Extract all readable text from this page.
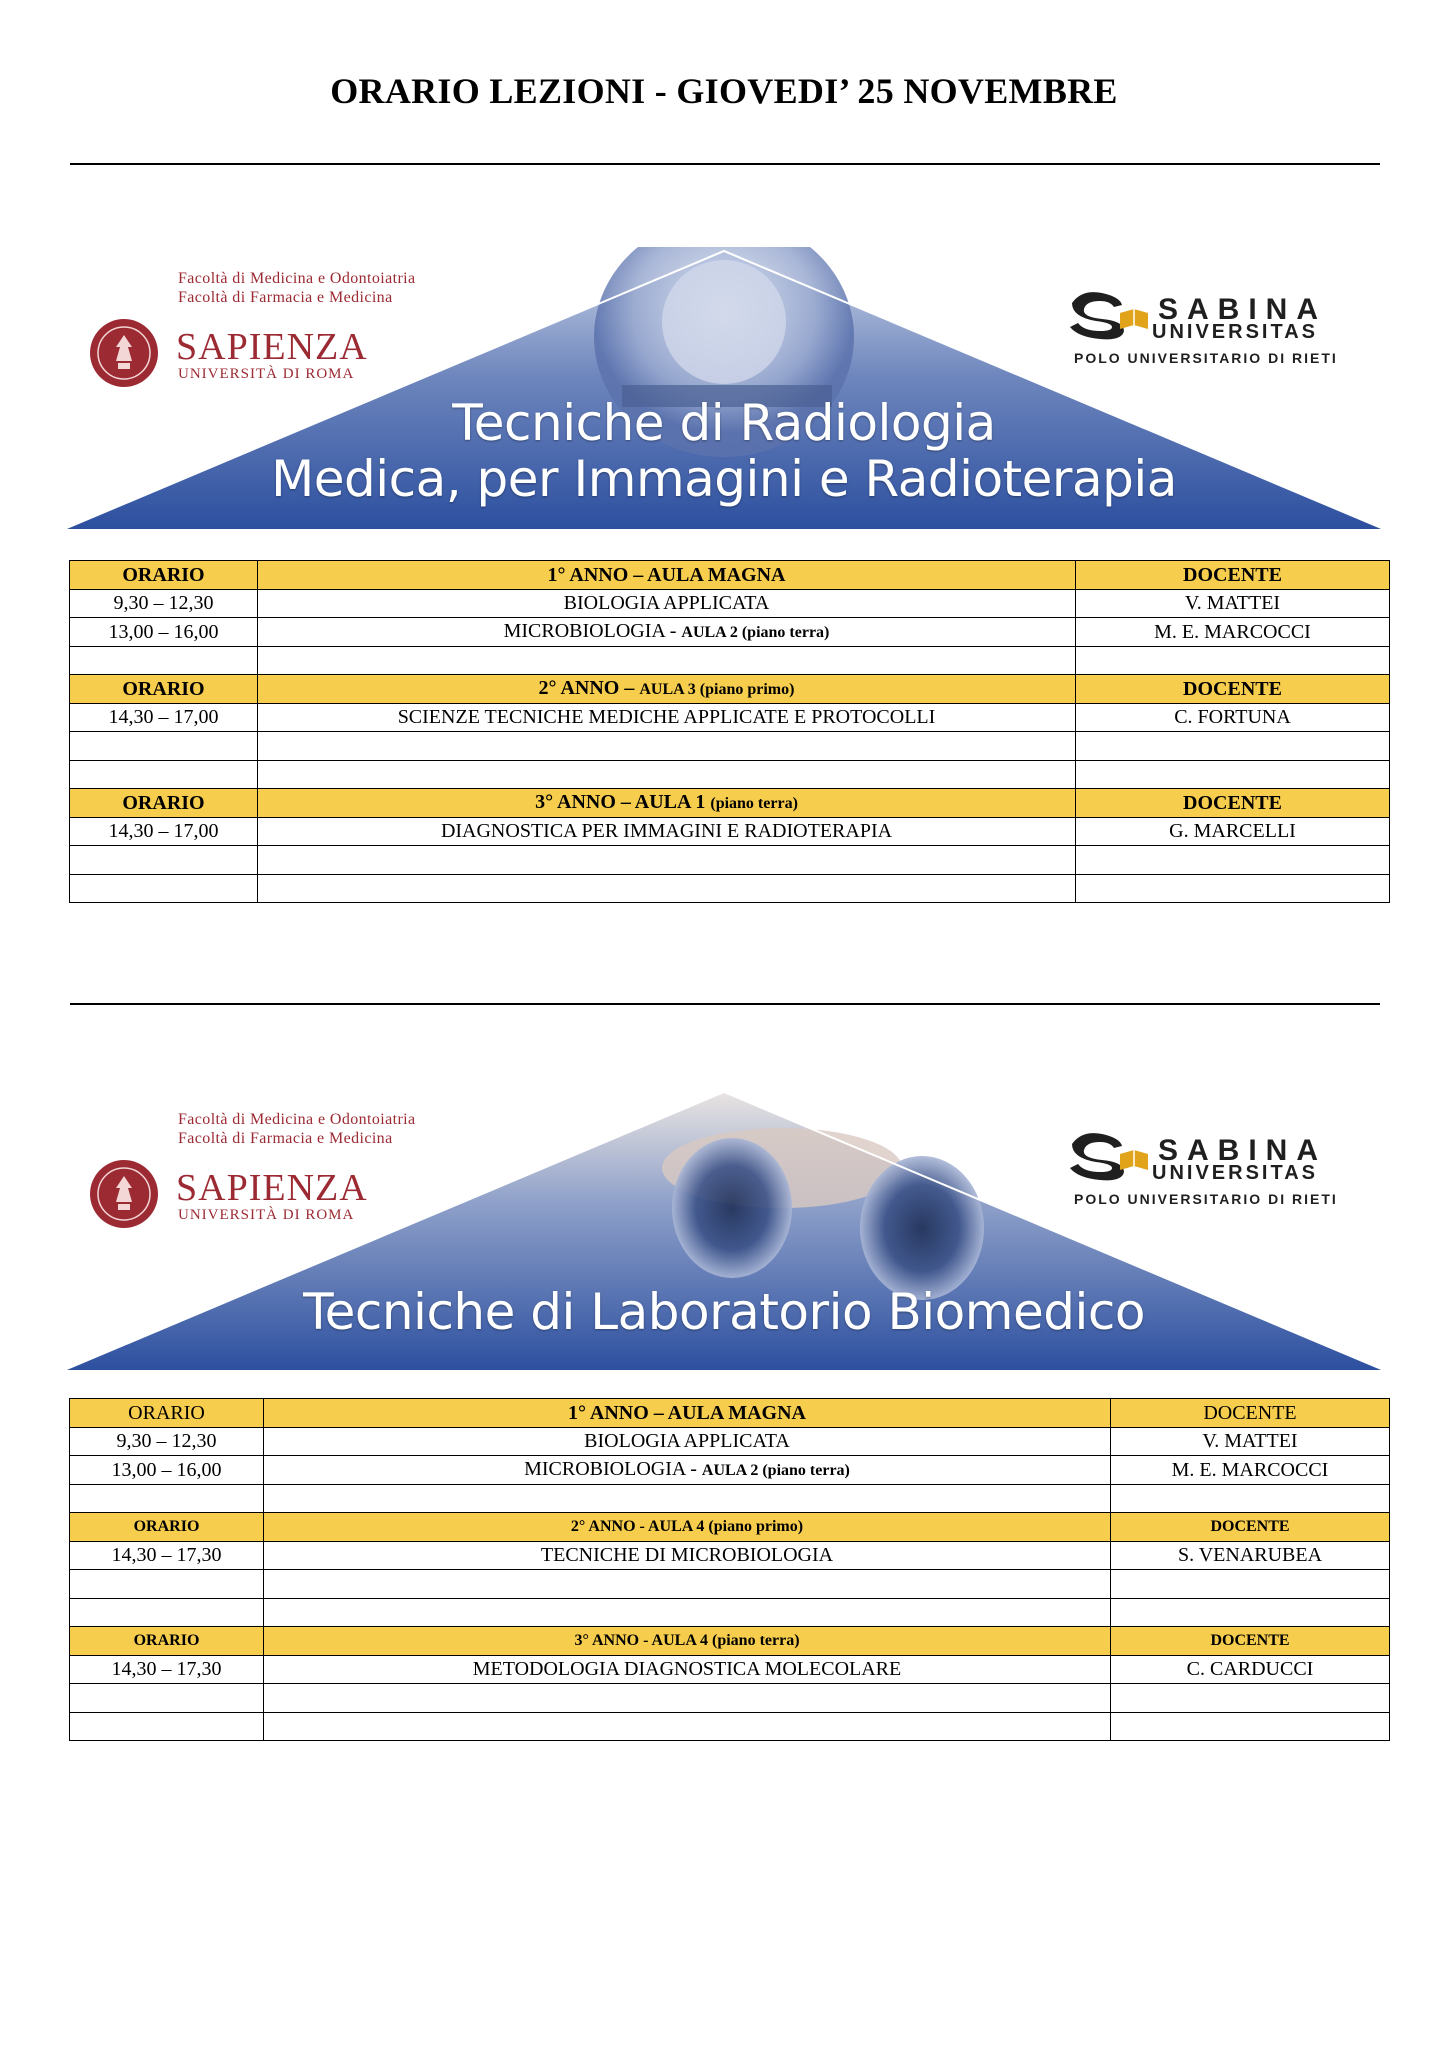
ORARIO LEZIONI - GIOVEDI’ 25 NOVEMBRE
Facoltà di Medicina e Odontoiatria
Facoltà di Farmacia e Medicina
SAPIENZA
UNIVERSITÀ DI ROMA
SABINA
UNIVERSITAS
POLO UNIVERSITARIO DI RIETI
Tecniche di Radiologia
Medica, per Immagini e Radioterapia
ORARIO	1° ANNO – AULA MAGNA	DOCENTE
9,30 – 12,30	BIOLOGIA APPLICATA	V. MATTEI
13,00 – 16,00	MICROBIOLOGIA - AULA 2 (piano terra)	M. E. MARCOCCI

ORARIO	2° ANNO – AULA 3 (piano primo)	DOCENTE
14,30 – 17,00	SCIENZE TECNICHE MEDICHE APPLICATE E PROTOCOLLI	C. FORTUNA

ORARIO	3° ANNO – AULA 1 (piano terra)	DOCENTE
14,30 – 17,00	DIAGNOSTICA PER IMMAGINI E RADIOTERAPIA	G. MARCELLI

Facoltà di Medicina e Odontoiatria
Facoltà di Farmacia e Medicina
SAPIENZA
UNIVERSITÀ DI ROMA
SABINA
UNIVERSITAS
POLO UNIVERSITARIO DI RIETI
Tecniche di Laboratorio Biomedico
ORARIO	1° ANNO – AULA MAGNA	DOCENTE
9,30 – 12,30	BIOLOGIA APPLICATA	V. MATTEI
13,00 – 16,00	MICROBIOLOGIA - AULA 2 (piano terra)	M. E. MARCOCCI

ORARIO	2° ANNO - AULA 4 (piano primo)	DOCENTE
14,30 – 17,30	TECNICHE DI MICROBIOLOGIA	S. VENARUBEA

ORARIO	3° ANNO - AULA 4 (piano terra)	DOCENTE
14,30 – 17,30	METODOLOGIA DIAGNOSTICA MOLECOLARE	C. CARDUCCI
